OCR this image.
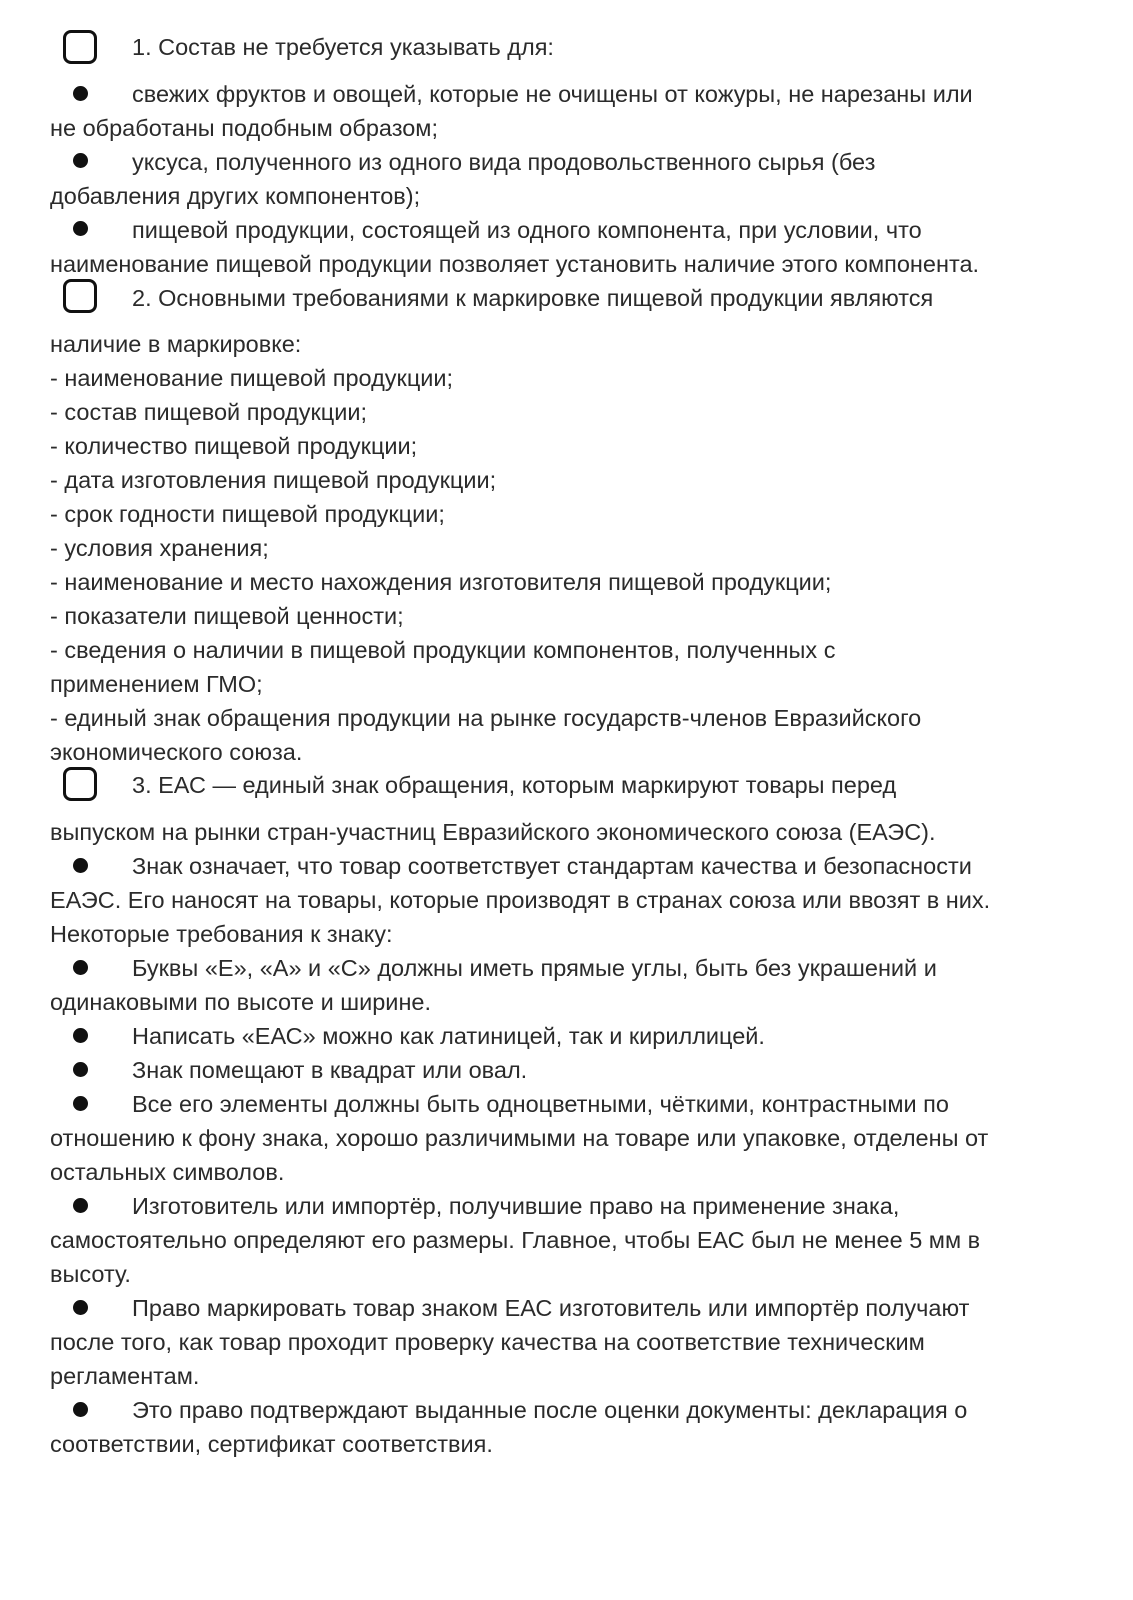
1. Состав не требуется указывать для:
свежих фруктов и овощей, которые не очищены от кожуры, не нарезаны или
не обработаны подобным образом;
уксуса, полученного из одного вида продовольственного сырья (без
добавления других компонентов);
пищевой продукции, состоящей из одного компонента, при условии, что
наименование пищевой продукции позволяет установить наличие этого компонента.
2. Основными требованиями к маркировке пищевой продукции являются
наличие в маркировке:
- наименование пищевой продукции;
- состав пищевой продукции;
- количество пищевой продукции;
- дата изготовления пищевой продукции;
- срок годности пищевой продукции;
- условия хранения;
- наименование и место нахождения изготовителя пищевой продукции;
- показатели пищевой ценности;
- сведения о наличии в пищевой продукции компонентов, полученных с
применением ГМО;
- единый знак обращения продукции на рынке государств-членов Евразийского
экономического союза.
3. ЕАС — единый знак обращения, которым маркируют товары перед
выпуском на рынки стран-участниц Евразийского экономического союза (ЕАЭС).
Знак означает, что товар соответствует стандартам качества и безопасности
ЕАЭС. Его наносят на товары, которые производят в странах союза или ввозят в них.
Некоторые требования к знаку:
Буквы «Е», «А» и «С» должны иметь прямые углы, быть без украшений и
одинаковыми по высоте и ширине.
Написать «ЕАС» можно как латиницей, так и кириллицей.
Знак помещают в квадрат или овал.
Все его элементы должны быть одноцветными, чёткими, контрастными по
отношению к фону знака, хорошо различимыми на товаре или упаковке, отделены от
остальных символов.
Изготовитель или импортёр, получившие право на применение знака,
самостоятельно определяют его размеры. Главное, чтобы ЕАС был не менее 5 мм в
высоту.
Право маркировать товар знаком ЕАС изготовитель или импортёр получают
после того, как товар проходит проверку качества на соответствие техническим
регламентам.
Это право подтверждают выданные после оценки документы: декларация о
соответствии, сертификат соответствия.
